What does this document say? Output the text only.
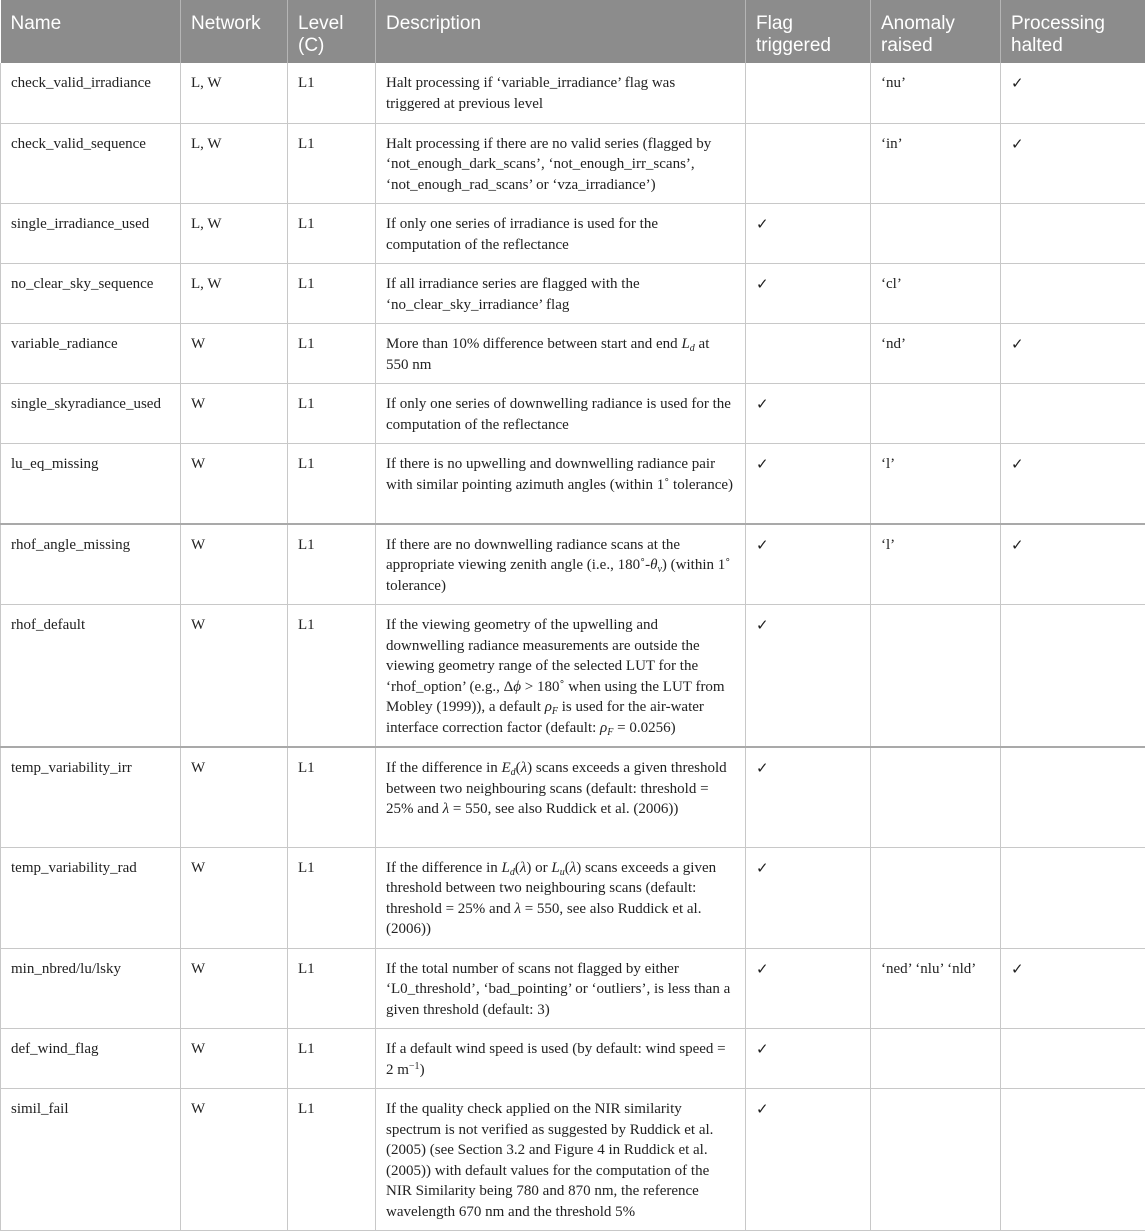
Name	Network	Level (C)	Description	Flag triggered	Anomaly raised	Processing halted
check_valid_irradiance	L, W	L1	Halt processing if ‘variable_irradiance’ flag was triggered at previous level		‘nu’	✓
check_valid_sequence	L, W	L1	Halt processing if there are no valid series (flagged by ‘not_enough_dark_scans’, ‘not_enough_irr_scans’, ‘not_enough_rad_scans’ or ‘vza_irradiance’)		‘in’	✓
single_irradiance_used	L, W	L1	If only one series of irradiance is used for the computation of the reflectance	✓		
no_clear_sky_sequence	L, W	L1	If all irradiance series are flagged with the ‘no_clear_sky_irradiance’ flag	✓	‘cl’	
variable_radiance	W	L1	More than 10% difference between start and end $L_d$ at 550 nm		‘nd’	✓
single_skyradiance_used	W	L1	If only one series of downwelling radiance is used for the computation of the reflectance	✓		
lu_eq_missing	W	L1	If there is no upwelling and downwelling radiance pair with similar pointing azimuth angles (within 1˚ tolerance)	✓	‘l’	✓
rhof_angle_missing	W	L1	If there are no downwelling radiance scans at the appropriate viewing zenith angle (i.e., $180˚-\theta_v$) (within 1˚ tolerance)	✓	‘l’	✓
rhof_default	W	L1	If the viewing geometry of the upwelling and downwelling radiance measurements are outside the viewing geometry range of the selected LUT for the ‘rhof_option’ (e.g., Δϕ > 180˚ when using the LUT from Mobley (1999)), a default $\rho_F$ is used for the air-water interface correction factor (default: $\rho_F = 0.0256$)	✓		
temp_variability_irr	W	L1	If the difference in $E_d(\lambda)$ scans exceeds a given threshold between two neighbouring scans (default: threshold = 25% and λ = 550, see also Ruddick et al. (2006))	✓		
temp_variability_rad	W	L1	If the difference in $L_d(\lambda)$ or $L_u(\lambda)$ scans exceeds a given threshold between two neighbouring scans (default: threshold = 25% and λ = 550, see also Ruddick et al. (2006))	✓		
min_nbred/lu/lsky	W	L1	If the total number of scans not flagged by either ‘L0_threshold’, ‘bad_pointing’ or ‘outliers’, is less than a given threshold (default: 3)	✓	‘ned’ ‘nlu’ ‘nld’	✓
def_wind_flag	W	L1	If a default wind speed is used (by default: wind speed = 2 $m^{-1}$)	✓		
simil_fail	W	L1	If the quality check applied on the NIR similarity spectrum is not verified as suggested by Ruddick et al. (2005) (see Section 3.2 and Figure 4 in Ruddick et al. (2005)) with default values for the computation of the NIR Similarity being 780 and 870 nm, the reference wavelength 670 nm and the threshold 5%	✓		
